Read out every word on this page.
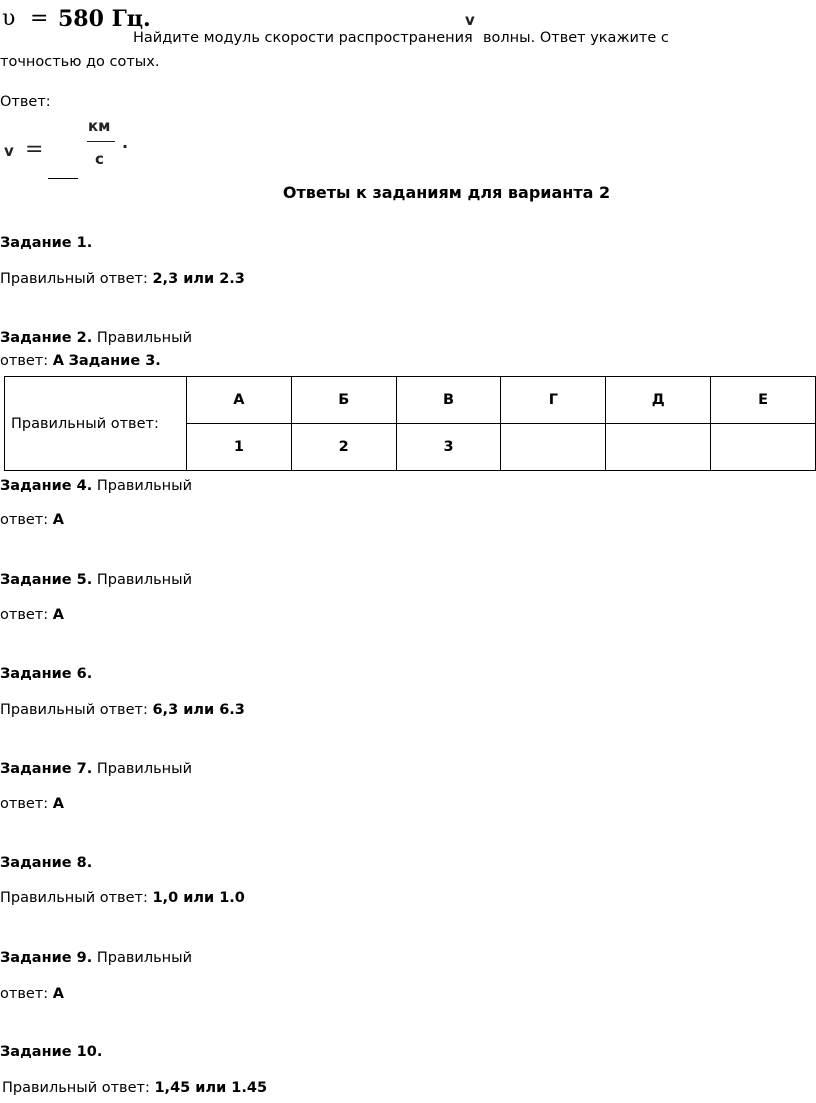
υ = 580 Гц.
Найдите модуль скорости распространения
v
волны. Ответ укажите с
точностью до сотых.
Ответ:
v =
км
с
.
Ответы к заданиям для варианта 2
Задание 1.
Правильный ответ: 2,3 или 2.3
Задание 2. Правильный
ответ: А Задание 3.
Правильный ответ:	А	Б	В	Г	Д	Е
	1	2	3			
Задание 4. Правильный
ответ: А
Задание 5. Правильный
ответ: А
Задание 6.
Правильный ответ: 6,3 или 6.3
Задание 7. Правильный
ответ: А
Задание 8.
Правильный ответ: 1,0 или 1.0
Задание 9. Правильный
ответ: А
Задание 10.
Правильный ответ: 1,45 или 1.45
